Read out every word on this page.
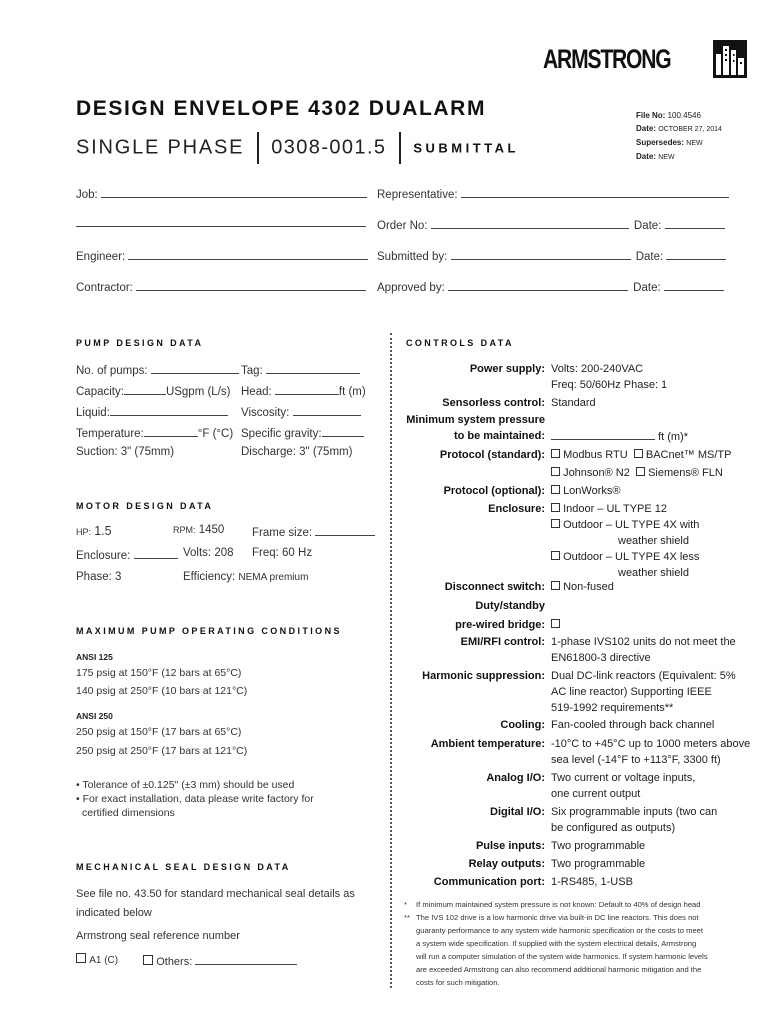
ARMSTRONG
DESIGN ENVELOPE 4302 DUALARM
SINGLE PHASE 0308-001.5 SUBMITTAL
File No: 100.4546
Date: OCTOBER 27, 2014
Supersedes: NEW
Date: NEW
Job:	Representative:
Order No:	Date:
Engineer:	Submitted by:	Date:
Contractor:	Approved by:	Date:
PUMP DESIGN DATA
No. of pumps:	Tag:
Capacity:	USgpm (L/s) Head:	ft (m)
Liquid:	Viscosity:
Temperature:	°F (°C) Specific gravity:
Suction: 3" (75mm)	Discharge: 3" (75mm)
MOTOR DESIGN DATA
HP: 1.5	RPM: 1450 Frame size:
Enclosure:	Volts: 208 Freq: 60 Hz
Phase: 3	Efficiency: NEMA premium
MAXIMUM PUMP OPERATING CONDITIONS
ANSI 125
175 psig at 150°F (12 bars at 65°C)
140 psig at 250°F (10 bars at 121°C)
ANSI 250
250 psig at 150°F (17 bars at 65°C)
250 psig at 250°F (17 bars at 121°C)
• Tolerance of ±0.125" (±3 mm) should be used
• For exact installation, data please write factory for
certified dimensions
MECHANICAL SEAL DESIGN DATA
See file no. 43.50 for standard mechanical seal details as
indicated below
Armstrong seal reference number
A1 (C)	Others:
CONTROLS DATA
Power supply: Volts: 200-240VAC
Freq: 50/60Hz Phase: 1
Sensorless control: Standard
Minimum system pressure
to be maintained:	ft (m)*
Protocol (standard):	Modbus RTU BACnet™ MS/TP
Johnson® N2 Siemens® FLN
Protocol (optional):	LonWorks®
Enclosure:	Indoor – UL TYPE 12
Outdoor – UL TYPE 4X with
weather shield
Outdoor – UL TYPE 4X less
weather shield
Disconnect switch:	Non-fused
Duty/standby
pre-wired bridge:
EMI/RFI control: 1-phase IVS102 units do not meet the
EN61800-3 directive
Harmonic suppression: Dual DC-link reactors (Equivalent: 5%
AC line reactor) Supporting IEEE
519-1992 requirements**
Cooling: Fan-cooled through back channel
Ambient temperature: -10°C to +45°C up to 1000 meters above
sea level (-14°F to +113°F, 3300 ft)
Analog I/O: Two current or voltage inputs,
one current output
Digital I/O: Six programmable inputs (two can
be configured as outputs)
Pulse inputs: Two programmable
Relay outputs: Two programmable
Communication port: 1-RS485, 1-USB
* If minimum maintained system pressure is not known: Default to 40% of design head
** The IVS 102 drive is a low harmonic drive via built-in DC line reactors. This does not
guaranty performance to any system wide harmonic specification or the costs to meet
a system wide specification. If supplied with the system electrical details, Armstrong
will run a computer simulation of the system wide harmonics. If system harmonic levels
are exceeded Armstrong can also recommend additional harmonic mitigation and the
costs for such mitigation.
